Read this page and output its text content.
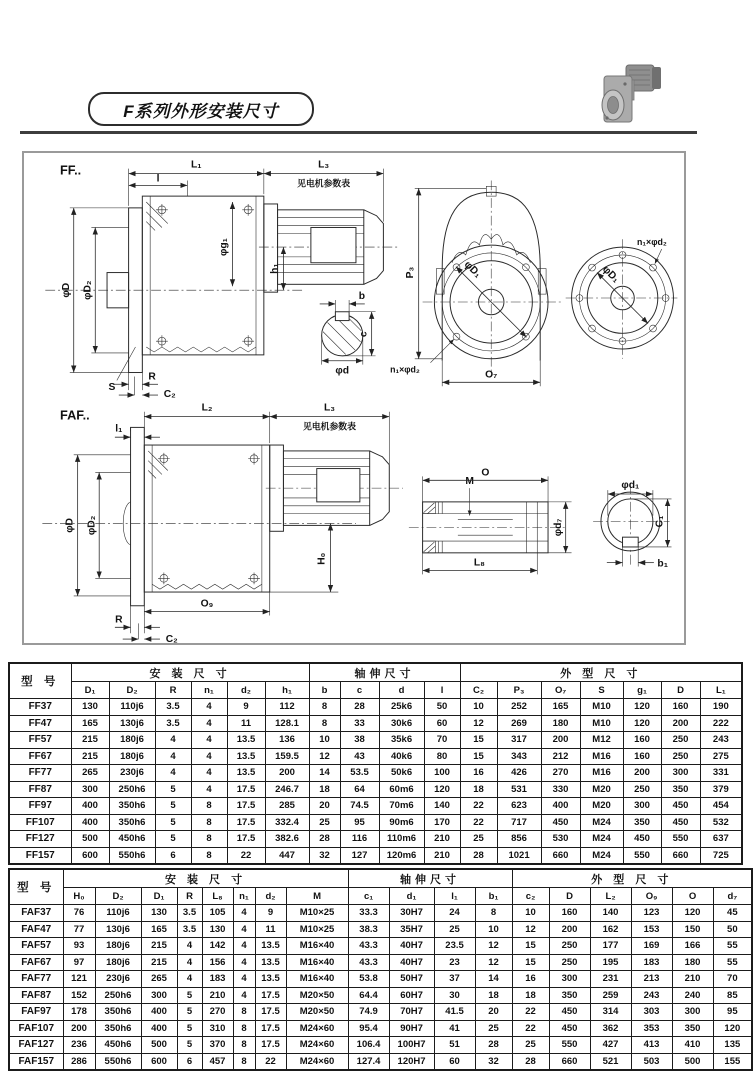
F系列外形安装尺寸
FF..	L₁	L₃
见电机参数表
l
φg₁
φD φD₂
h₁
S
R
C₂
b
c
φd
P₃
O₇
φD₁
n₁×φd₂
φD₁
n₁×φd₂
FAF..	L₂	L₃
见电机参数表
l₁
φD φD₂
H₀
O₉
R
C₂
M
O
φd₇
L₈
φd₁
C₁
b₁
型 号	安 装 尺 寸						轴伸尺寸				外 型 尺 寸						
	D₁	D₂	R	n₁	d₂	h₁	b	c	d	l	C₂	P₃	O₇	S	g₁	D	L₁
FF37	130	110j6	3.5	4	9	112	8	28	25k6	50	10	252	165	M10	120	160	190
FF47	165	130j6	3.5	4	11	128.1	8	33	30k6	60	12	269	180	M10	120	200	222
FF57	215	180j6	4	4	13.5	136	10	38	35k6	70	15	317	200	M12	160	250	243
FF67	215	180j6	4	4	13.5	159.5	12	43	40k6	80	15	343	212	M16	160	250	275
FF77	265	230j6	4	4	13.5	200	14	53.5	50k6	100	16	426	270	M16	200	300	331
FF87	300	250h6	5	4	17.5	246.7	18	64	60m6	120	18	531	330	M20	250	350	379
FF97	400	350h6	5	8	17.5	285	20	74.5	70m6	140	22	623	400	M20	300	450	454
FF107	400	350h6	5	8	17.5	332.4	25	95	90m6	170	22	717	450	M24	350	450	532
FF127	500	450h6	5	8	17.5	382.6	28	116	110m6	210	25	856	530	M24	450	550	637
FF157	600	550h6	6	8	22	447	32	127	120m6	210	28	1021	660	M24	550	660	725
型 号	安 装 尺 寸								轴伸尺寸				外 型 尺 寸					
	H₀	D₂	D₁	R	L₈	n₁	d₂	M	c₁	d₁	l₁	b₁	c₂	D	L₂	O₉	O	d₇
FAF37	76	110j6	130	3.5	105	4	9	M10×25	33.3	30H7	24	8	10	160	140	123	120	45
FAF47	77	130j6	165	3.5	130	4	11	M10×25	38.3	35H7	25	10	12	200	162	153	150	50
FAF57	93	180j6	215	4	142	4	13.5	M16×40	43.3	40H7	23.5	12	15	250	177	169	166	55
FAF67	97	180j6	215	4	156	4	13.5	M16×40	43.3	40H7	23	12	15	250	195	183	180	55
FAF77	121	230j6	265	4	183	4	13.5	M16×40	53.8	50H7	37	14	16	300	231	213	210	70
FAF87	152	250h6	300	5	210	4	17.5	M20×50	64.4	60H7	30	18	18	350	259	243	240	85
FAF97	178	350h6	400	5	270	8	17.5	M20×50	74.9	70H7	41.5	20	22	450	314	303	300	95
FAF107	200	350h6	400	5	310	8	17.5	M24×60	95.4	90H7	41	25	22	450	362	353	350	120
FAF127	236	450h6	500	5	370	8	17.5	M24×60	106.4	100H7	51	28	25	550	427	413	410	135
FAF157	286	550h6	600	6	457	8	22	M24×60	127.4	120H7	60	32	28	660	521	503	500	155
